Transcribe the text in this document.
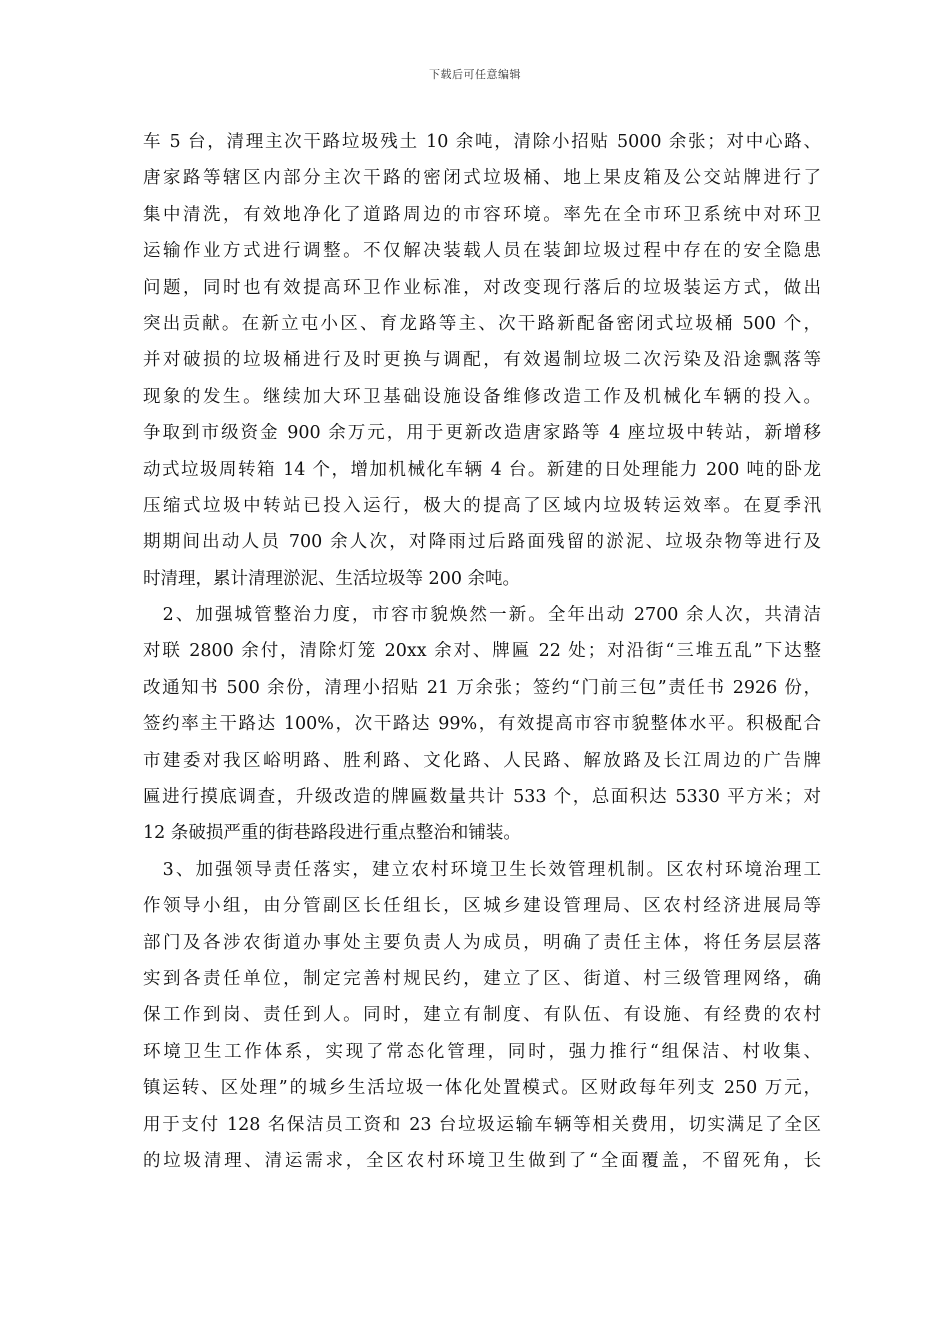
下载后可任意编辑
车 5 台，清理主次干路垃圾残土 10 余吨，清除小招贴 5000 余张；对中心路、
唐家路等辖区内部分主次干路的密闭式垃圾桶、地上果皮箱及公交站牌进行了
集中清洗，有效地净化了道路周边的市容环境。率先在全市环卫系统中对环卫
运输作业方式进行调整。不仅解决装载人员在装卸垃圾过程中存在的安全隐患
问题，同时也有效提高环卫作业标准，对改变现行落后的垃圾装运方式，做出
突出贡献。在新立屯小区、育龙路等主、次干路新配备密闭式垃圾桶 500 个，
并对破损的垃圾桶进行及时更换与调配，有效遏制垃圾二次污染及沿途飘落等
现象的发生。继续加大环卫基础设施设备维修改造工作及机械化车辆的投入。
争取到市级资金 900 余万元，用于更新改造唐家路等 4 座垃圾中转站，新增移
动式垃圾周转箱 14 个，增加机械化车辆 4 台。新建的日处理能力 200 吨的卧龙
压缩式垃圾中转站已投入运行，极大的提高了区域内垃圾转运效率。在夏季汛
期期间出动人员 700 余人次，对降雨过后路面残留的淤泥、垃圾杂物等进行及
时清理，累计清理淤泥、生活垃圾等 200 余吨。
　2、加强城管整治力度，市容市貌焕然一新。全年出动 2700 余人次，共清洁
对联 2800 余付，清除灯笼 20xx 余对、牌匾 22 处；对沿街“三堆五乱”下达整
改通知书 500 余份，清理小招贴 21 万余张；签约“门前三包”责任书 2926 份，
签约率主干路达 100%，次干路达 99%，有效提高市容市貌整体水平。积极配合
市建委对我区峪明路、胜利路、文化路、人民路、解放路及长江周边的广告牌
匾进行摸底调查，升级改造的牌匾数量共计 533 个，总面积达 5330 平方米；对
12 条破损严重的街巷路段进行重点整治和铺装。
　3、加强领导责任落实，建立农村环境卫生长效管理机制。区农村环境治理工
作领导小组，由分管副区长任组长，区城乡建设管理局、区农村经济进展局等
部门及各涉农街道办事处主要负责人为成员，明确了责任主体，将任务层层落
实到各责任单位，制定完善村规民约，建立了区、街道、村三级管理网络，确
保工作到岗、责任到人。同时，建立有制度、有队伍、有设施、有经费的农村
环境卫生工作体系，实现了常态化管理，同时，强力推行“组保洁、村收集、
镇运转、区处理”的城乡生活垃圾一体化处置模式。区财政每年列支 250 万元，
用于支付 128 名保洁员工资和 23 台垃圾运输车辆等相关费用，切实满足了全区
的垃圾清理、清运需求，全区农村环境卫生做到了“全面覆盖，不留死角，长
